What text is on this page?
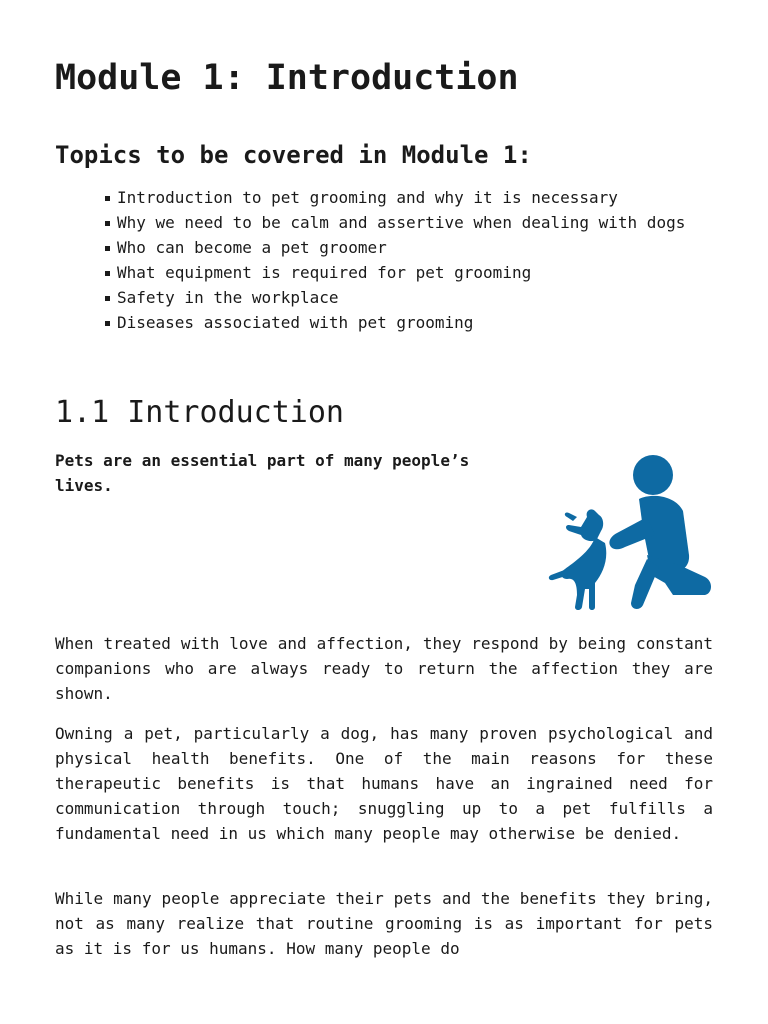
Module 1: Introduction
Topics to be covered in Module 1:
Introduction to pet grooming and why it is necessary
Why we need to be calm and assertive when dealing with dogs
Who can become a pet groomer
What equipment is required for pet grooming
Safety in the workplace
Diseases associated with pet grooming
1.1 Introduction

Pets are an essential part of many people’s lives.

When treated with love and affection, they respond by being constant companions who are always ready to return the affection they are shown.

Owning a pet, particularly a dog, has many proven psychological and physical health benefits. One of the main reasons for these therapeutic benefits is that humans have an ingrained need for communication through touch; snuggling up to a pet fulfills a fundamental need in us which many people may otherwise be denied.

While many people appreciate their pets and the benefits they bring, not as many realize that routine grooming is as important for pets as it is for us humans. How many people do
